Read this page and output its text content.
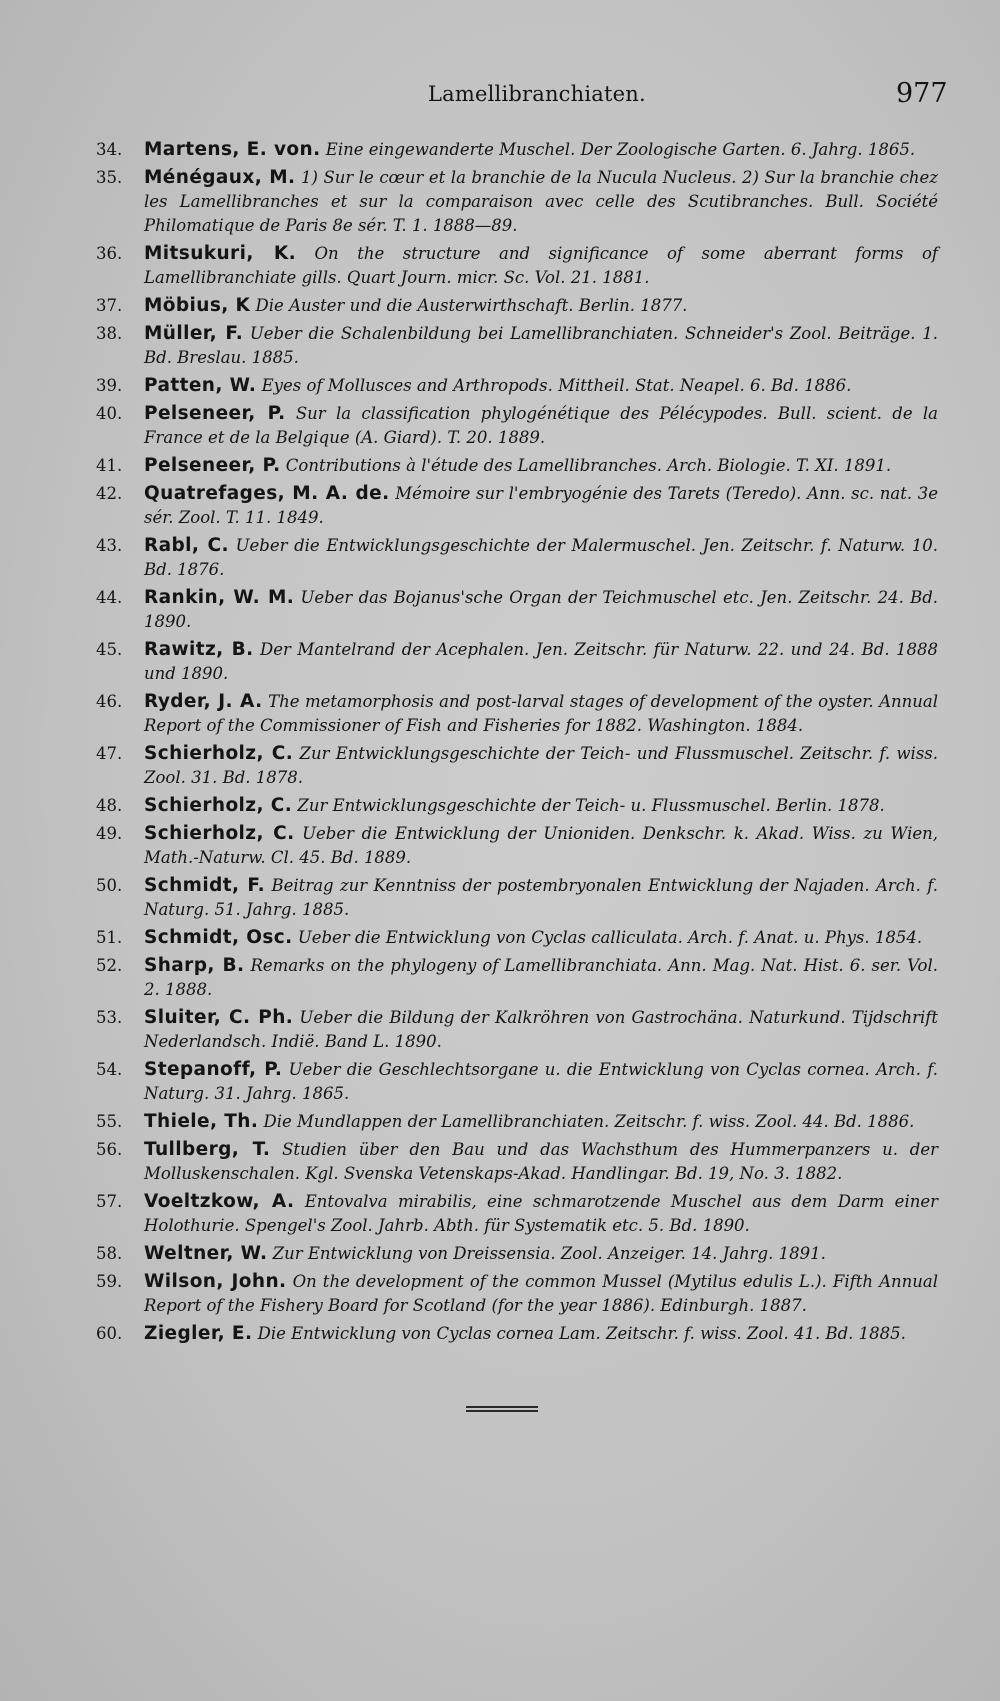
Lamellibranchiaten.	977
34. Martens, E. von. Eine eingewanderte Muschel. Der Zoologische Garten. 6. Jahrg. 1865.
35. Ménégaux, M. 1) Sur le cœur et la branchie de la Nucula Nucleus. 2) Sur la branchie chez les Lamellibranches et sur la comparaison avec celle des Scutibranches. Bull. Société Philomatique de Paris 8e sér. T. 1. 1888—89.
36. Mitsukuri, K. On the structure and significance of some aberrant forms of Lamellibranchiate gills. Quart Journ. micr. Sc. Vol. 21. 1881.
37. Möbius, K Die Auster und die Austerwirthschaft. Berlin. 1877.
38. Müller, F. Ueber die Schalenbildung bei Lamellibranchiaten. Schneider's Zool. Beiträge. 1. Bd. Breslau. 1885.
39. Patten, W. Eyes of Mollusces and Arthropods. Mittheil. Stat. Neapel. 6. Bd. 1886.
40. Pelseneer, P. Sur la classification phylogénétique des Pélécypodes. Bull. scient. de la France et de la Belgique (A. Giard). T. 20. 1889.
41. Pelseneer, P. Contributions à l'étude des Lamellibranches. Arch. Biologie. T. XI. 1891.
42. Quatrefages, M. A. de. Mémoire sur l'embryogénie des Tarets (Teredo). Ann. sc. nat. 3e sér. Zool. T. 11. 1849.
43. Rabl, C. Ueber die Entwicklungsgeschichte der Malermuschel. Jen. Zeitschr. f. Naturw. 10. Bd. 1876.
44. Rankin, W. M. Ueber das Bojanus'sche Organ der Teichmuschel etc. Jen. Zeitschr. 24. Bd. 1890.
45. Rawitz, B. Der Mantelrand der Acephalen. Jen. Zeitschr. für Naturw. 22. und 24. Bd. 1888 und 1890.
46. Ryder, J. A. The metamorphosis and post-larval stages of development of the oyster. Annual Report of the Commissioner of Fish and Fisheries for 1882. Washington. 1884.
47. Schierholz, C. Zur Entwicklungsgeschichte der Teich- und Flussmuschel. Zeitschr. f. wiss. Zool. 31. Bd. 1878.
48. Schierholz, C. Zur Entwicklungsgeschichte der Teich- u. Flussmuschel. Berlin. 1878.
49. Schierholz, C. Ueber die Entwicklung der Unioniden. Denkschr. k. Akad. Wiss. zu Wien, Math.-Naturw. Cl. 45. Bd. 1889.
50. Schmidt, F. Beitrag zur Kenntniss der postembryonalen Entwicklung der Najaden. Arch. f. Naturg. 51. Jahrg. 1885.
51. Schmidt, Osc. Ueber die Entwicklung von Cyclas calliculata. Arch. f. Anat. u. Phys. 1854.
52. Sharp, B. Remarks on the phylogeny of Lamellibranchiata. Ann. Mag. Nat. Hist. 6. ser. Vol. 2. 1888.
53. Sluiter, C. Ph. Ueber die Bildung der Kalkröhren von Gastrochäna. Naturkund. Tijdschrift Nederlandsch. Indië. Band L. 1890.
54. Stepanoff, P. Ueber die Geschlechtsorgane u. die Entwicklung von Cyclas cornea. Arch. f. Naturg. 31. Jahrg. 1865.
55. Thiele, Th. Die Mundlappen der Lamellibranchiaten. Zeitschr. f. wiss. Zool. 44. Bd. 1886.
56. Tullberg, T. Studien über den Bau und das Wachsthum des Hummerpanzers u. der Molluskenschalen. Kgl. Svenska Vetenskaps-Akad. Handlingar. Bd. 19, No. 3. 1882.
57. Voeltzkow, A. Entovalva mirabilis, eine schmarotzende Muschel aus dem Darm einer Holothurie. Spengel's Zool. Jahrb. Abth. für Systematik etc. 5. Bd. 1890.
58. Weltner, W. Zur Entwicklung von Dreissensia. Zool. Anzeiger. 14. Jahrg. 1891.
59. Wilson, John. On the development of the common Mussel (Mytilus edulis L.). Fifth Annual Report of the Fishery Board for Scotland (for the year 1886). Edinburgh. 1887.
60. Ziegler, E. Die Entwicklung von Cyclas cornea Lam. Zeitschr. f. wiss. Zool. 41. Bd. 1885.
